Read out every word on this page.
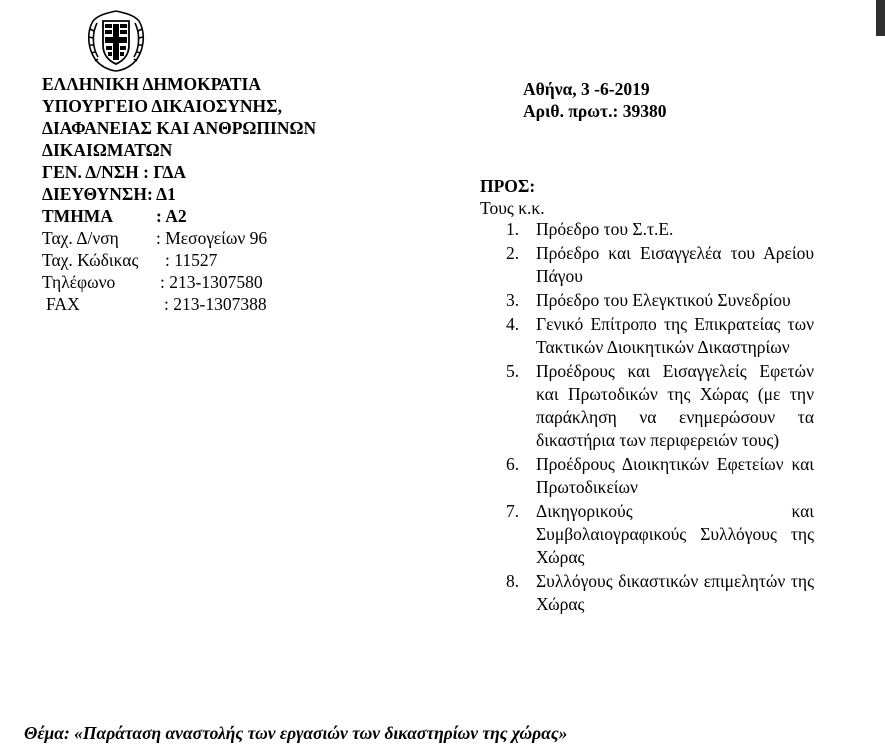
ΕΛΛΗΝΙΚΗ ΔΗΜΟΚΡΑΤΙΑ
ΥΠΟΥΡΓΕΙΟ ΔΙΚΑΙΟΣΥΝΗΣ,
ΔΙΑΦΑΝΕΙΑΣ ΚΑΙ ΑΝΘΡΩΠΙΝΩΝ
ΔΙΚΑΙΩΜΑΤΩΝ
ΓΕΝ. Δ/ΝΣΗ : ΓΔΑ
ΔΙΕΥΘΥΝΣΗ: Δ1
ΤΜΗΜΑ : Α2
Ταχ. Δ/νση : Μεσογείων 96
Ταχ. Κώδικας : 11527
Τηλέφωνο	: 213-1307580
FAX	: 213-1307388
Αθήνα, 3 -6-2019
Αριθ. πρωτ.: 39380
ΠΡΟΣ:
Τους κ.κ.
1. Πρόεδρο του Σ.τ.Ε.
2. Πρόεδρο και Εισαγγελέα του Αρείου Πάγου
3. Πρόεδρο του Ελεγκτικού Συνεδρίου
4. Γενικό Επίτροπο της Επικρατείας των Τακτικών Διοικητικών Δικαστηρίων
5. Προέδρους και Εισαγγελείς Εφετών και Πρωτοδικών της Χώρας (με την παράκληση να ενημερώσουν τα δικαστήρια των περιφερειών τους)
6. Προέδρους Διοικητικών Εφετείων και Πρωτοδικείων
7. Δικηγορικούς και Συμβολαιογραφικούς Συλλόγους της Χώρας
8. Συλλόγους δικαστικών επιμελητών της Χώρας
Θέμα: «Παράταση αναστολής των εργασιών των δικαστηρίων της χώρας»
